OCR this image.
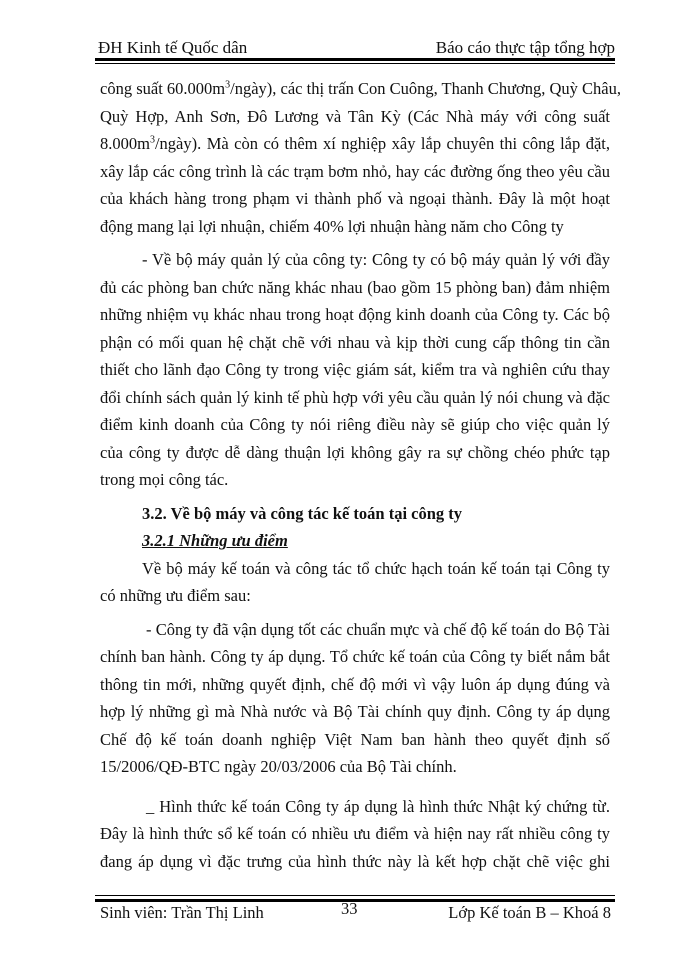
ĐH Kinh tế Quốc dân	Báo cáo thực tập tổng hợp
công suất $60.000m^3/ngày$), các thị trấn Con Cuông, Thanh Chương, Quỳ Châu,
Quỳ Hợp, Anh Sơn, Đô Lương và Tân Kỳ (Các Nhà máy với công suất
$8.000m^3/ngày$). Mà còn có thêm xí nghiệp xây lắp chuyên thi công lắp đặt,
xây lắp các công trình là các trạm bơm nhỏ, hay các đường ống theo yêu cầu
của khách hàng trong phạm vi thành phố và ngoại thành. Đây là một hoạt
động mang lại lợi nhuận, chiếm 40% lợi nhuận hàng năm cho Công ty
- Về bộ máy quản lý của công ty: Công ty có bộ máy quản lý với đầy
đủ các phòng ban chức năng khác nhau (bao gồm 15 phòng ban) đảm nhiệm
những nhiệm vụ khác nhau trong hoạt động kinh doanh của Công ty. Các bộ
phận có mối quan hệ chặt chẽ với nhau và kịp thời cung cấp thông tin cần
thiết cho lãnh đạo Công ty trong việc giám sát, kiểm tra và nghiên cứu thay
đổi chính sách quản lý kinh tế phù hợp với yêu cầu quản lý nói chung và đặc
điểm kinh doanh của Công ty nói riêng điều này sẽ giúp cho việc quản lý
của công ty được dễ dàng thuận lợi không gây ra sự chồng chéo phức tạp
trong mọi công tác.
3.2. Về bộ máy và công tác kế toán tại công ty
3.2.1 Những ưu điểm
Về bộ máy kế toán và công tác tổ chức hạch toán kế toán tại Công ty
có những ưu điểm sau:
- Công ty đã vận dụng tốt các chuẩn mực và chế độ kế toán do Bộ Tài
chính ban hành. Công ty áp dụng. Tổ chức kế toán của Công ty biết nắm bắt
thông tin mới, những quyết định, chế độ mới vì vậy luôn áp dụng đúng và
hợp lý những gì mà Nhà nước và Bộ Tài chính quy định. Công ty áp dụng
Chế độ kế toán doanh nghiệp Việt Nam ban hành theo quyết định số
15/2006/QĐ-BTC ngày 20/03/2006 của Bộ Tài chính.
_ Hình thức kế toán Công ty áp dụng là hình thức Nhật ký chứng từ.
Đây là hình thức sổ kế toán có nhiều ưu điểm và hiện nay rất nhiều công ty
đang áp dụng vì đặc trưng của hình thức này là kết hợp chặt chẽ việc ghi
Sinh viên: Trần Thị Linh	33	Lớp Kế toán B – Khoá 8
